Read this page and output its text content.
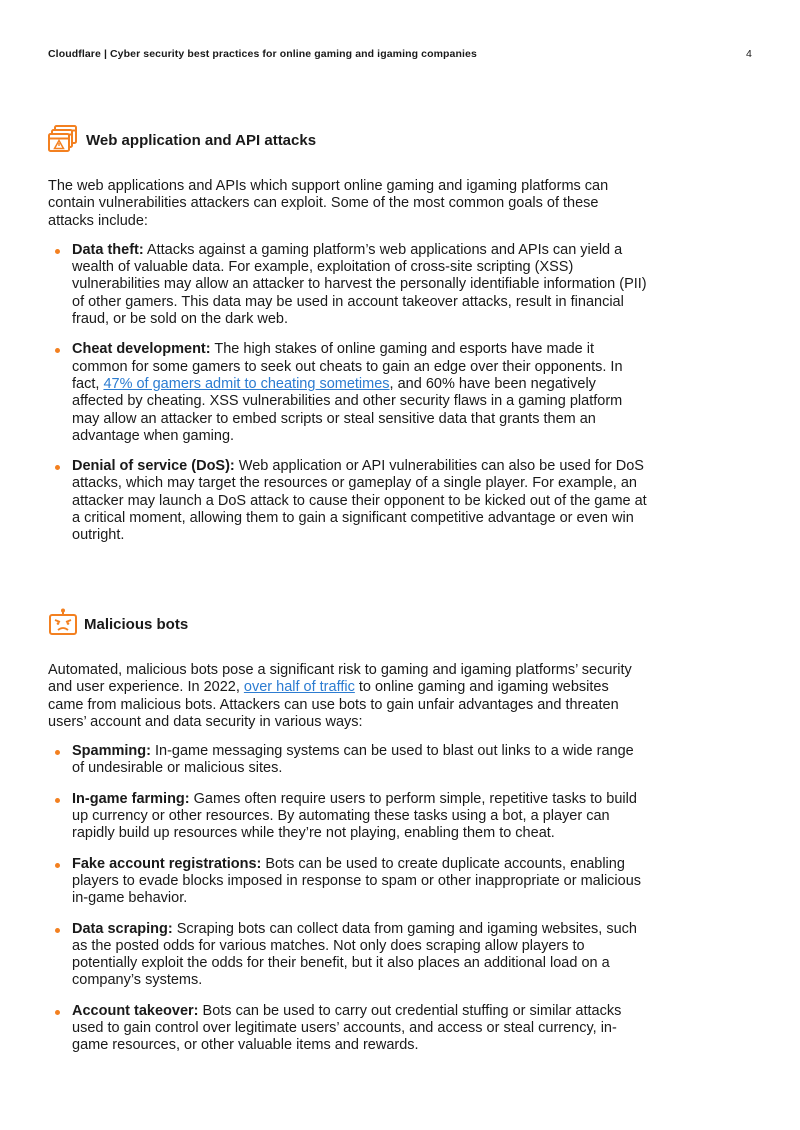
Cloudflare | Cyber security best practices for online gaming and igaming companies	4
Web application and API attacks

The web applications and APIs which support online gaming and igaming platforms can contain vulnerabilities attackers can exploit. Some of the most common goals of these attacks include:

Data theft: Attacks against a gaming platform’s web applications and APIs can yield a wealth of valuable data. For example, exploitation of cross-site scripting (XSS) vulnerabilities may allow an attacker to harvest the personally identifiable information (PII) of other gamers. This data may be used in account takeover attacks, result in financial fraud, or be sold on the dark web.
Cheat development: The high stakes of online gaming and esports have made it common for some gamers to seek out cheats to gain an edge over their opponents. In fact, 47% of gamers admit to cheating sometimes, and 60% have been negatively affected by cheating. XSS vulnerabilities and other security flaws in a gaming platform may allow an attacker to embed scripts or steal sensitive data that grants them an advantage when gaming.
Denial of service (DoS): Web application or API vulnerabilities can also be used for DoS attacks, which may target the resources or gameplay of a single player. For example, an attacker may launch a DoS attack to cause their opponent to be kicked out of the game at a critical moment, allowing them to gain a significant competitive advantage or even win outright.
Malicious bots

Automated, malicious bots pose a significant risk to gaming and igaming platforms’ security and user experience. In 2022, over half of traffic to online gaming and igaming websites came from malicious bots. Attackers can use bots to gain unfair advantages and threaten users’ account and data security in various ways:

Spamming: In-game messaging systems can be used to blast out links to a wide range of undesirable or malicious sites.
In-game farming: Games often require users to perform simple, repetitive tasks to build up currency or other resources. By automating these tasks using a bot, a player can rapidly build up resources while they’re not playing, enabling them to cheat.
Fake account registrations: Bots can be used to create duplicate accounts, enabling players to evade blocks imposed in response to spam or other inappropriate or malicious in-game behavior.
Data scraping: Scraping bots can collect data from gaming and igaming websites, such as the posted odds for various matches. Not only does scraping allow players to potentially exploit the odds for their benefit, but it also places an additional load on a company’s systems.
Account takeover: Bots can be used to carry out credential stuffing or similar attacks used to gain control over legitimate users’ accounts, and access or steal currency, in-game resources, or other valuable items and rewards.
